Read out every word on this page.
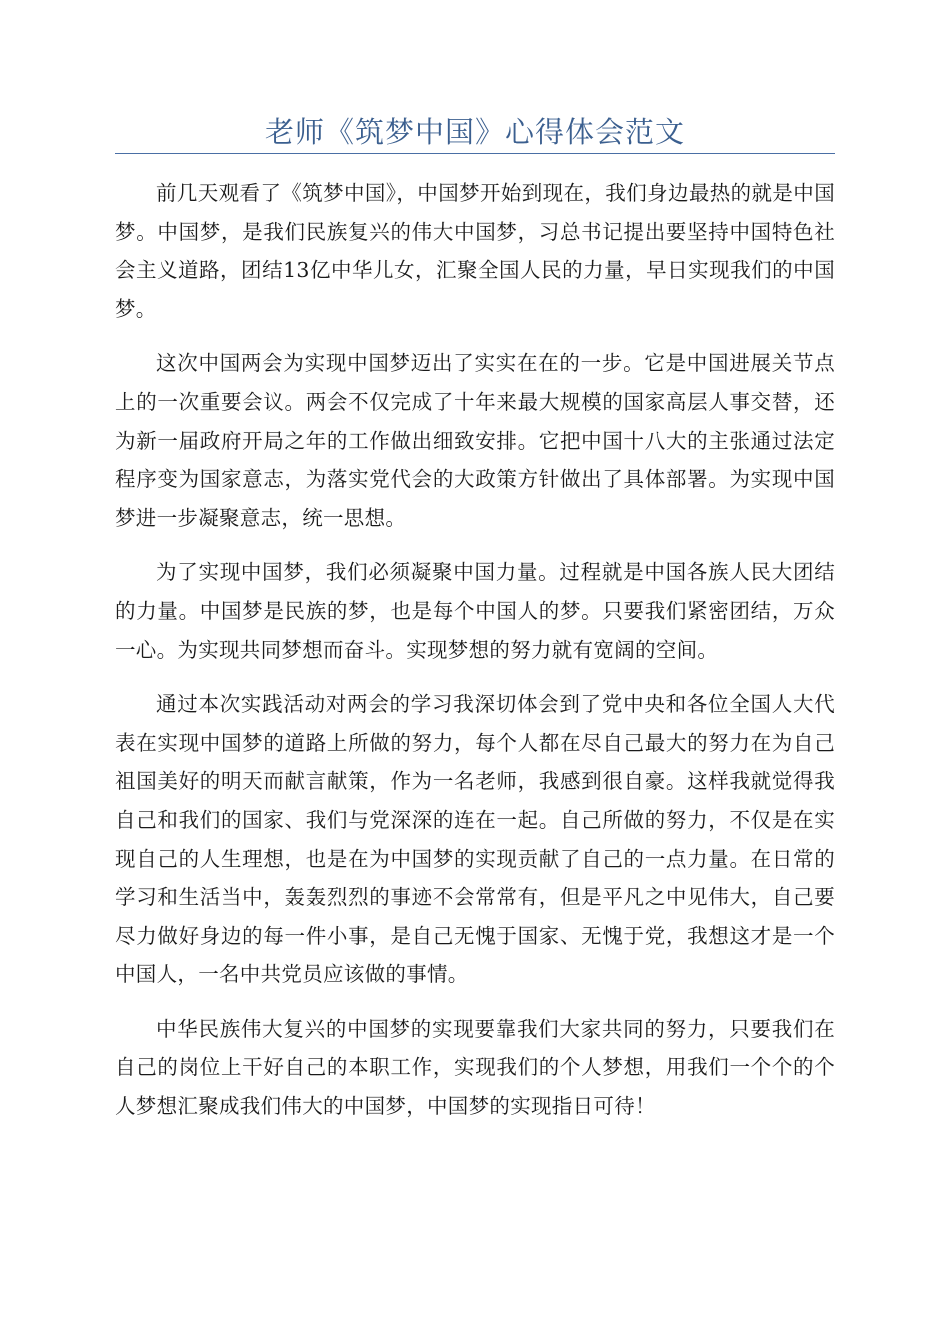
老师《筑梦中国》心得体会范文

前几天观看了《筑梦中国》，中国梦开始到现在，我们身边最热的就是中国梦。中国梦，是我们民族复兴的伟大中国梦，习总书记提出要坚持中国特色社会主义道路，团结13亿中华儿女，汇聚全国人民的力量，早日实现我们的中国梦。

这次中国两会为实现中国梦迈出了实实在在的一步。它是中国进展关节点上的一次重要会议。两会不仅完成了十年来最大规模的国家高层人事交替，还为新一届政府开局之年的工作做出细致安排。它把中国十八大的主张通过法定程序变为国家意志，为落实党代会的大政策方针做出了具体部署。为实现中国梦进一步凝聚意志，统一思想。

为了实现中国梦，我们必须凝聚中国力量。过程就是中国各族人民大团结的力量。中国梦是民族的梦，也是每个中国人的梦。只要我们紧密团结，万众一心。为实现共同梦想而奋斗。实现梦想的努力就有宽阔的空间。

通过本次实践活动对两会的学习我深切体会到了党中央和各位全国人大代表在实现中国梦的道路上所做的努力，每个人都在尽自己最大的努力在为自己祖国美好的明天而献言献策，作为一名老师，我感到很自豪。这样我就觉得我自己和我们的国家、我们与党深深的连在一起。自己所做的努力，不仅是在实现自己的人生理想，也是在为中国梦的实现贡献了自己的一点力量。在日常的学习和生活当中，轰轰烈烈的事迹不会常常有，但是平凡之中见伟大，自己要尽力做好身边的每一件小事，是自己无愧于国家、无愧于党，我想这才是一个中国人，一名中共党员应该做的事情。

中华民族伟大复兴的中国梦的实现要靠我们大家共同的努力，只要我们在自己的岗位上干好自己的本职工作，实现我们的个人梦想，用我们一个个的个人梦想汇聚成我们伟大的中国梦，中国梦的实现指日可待！
